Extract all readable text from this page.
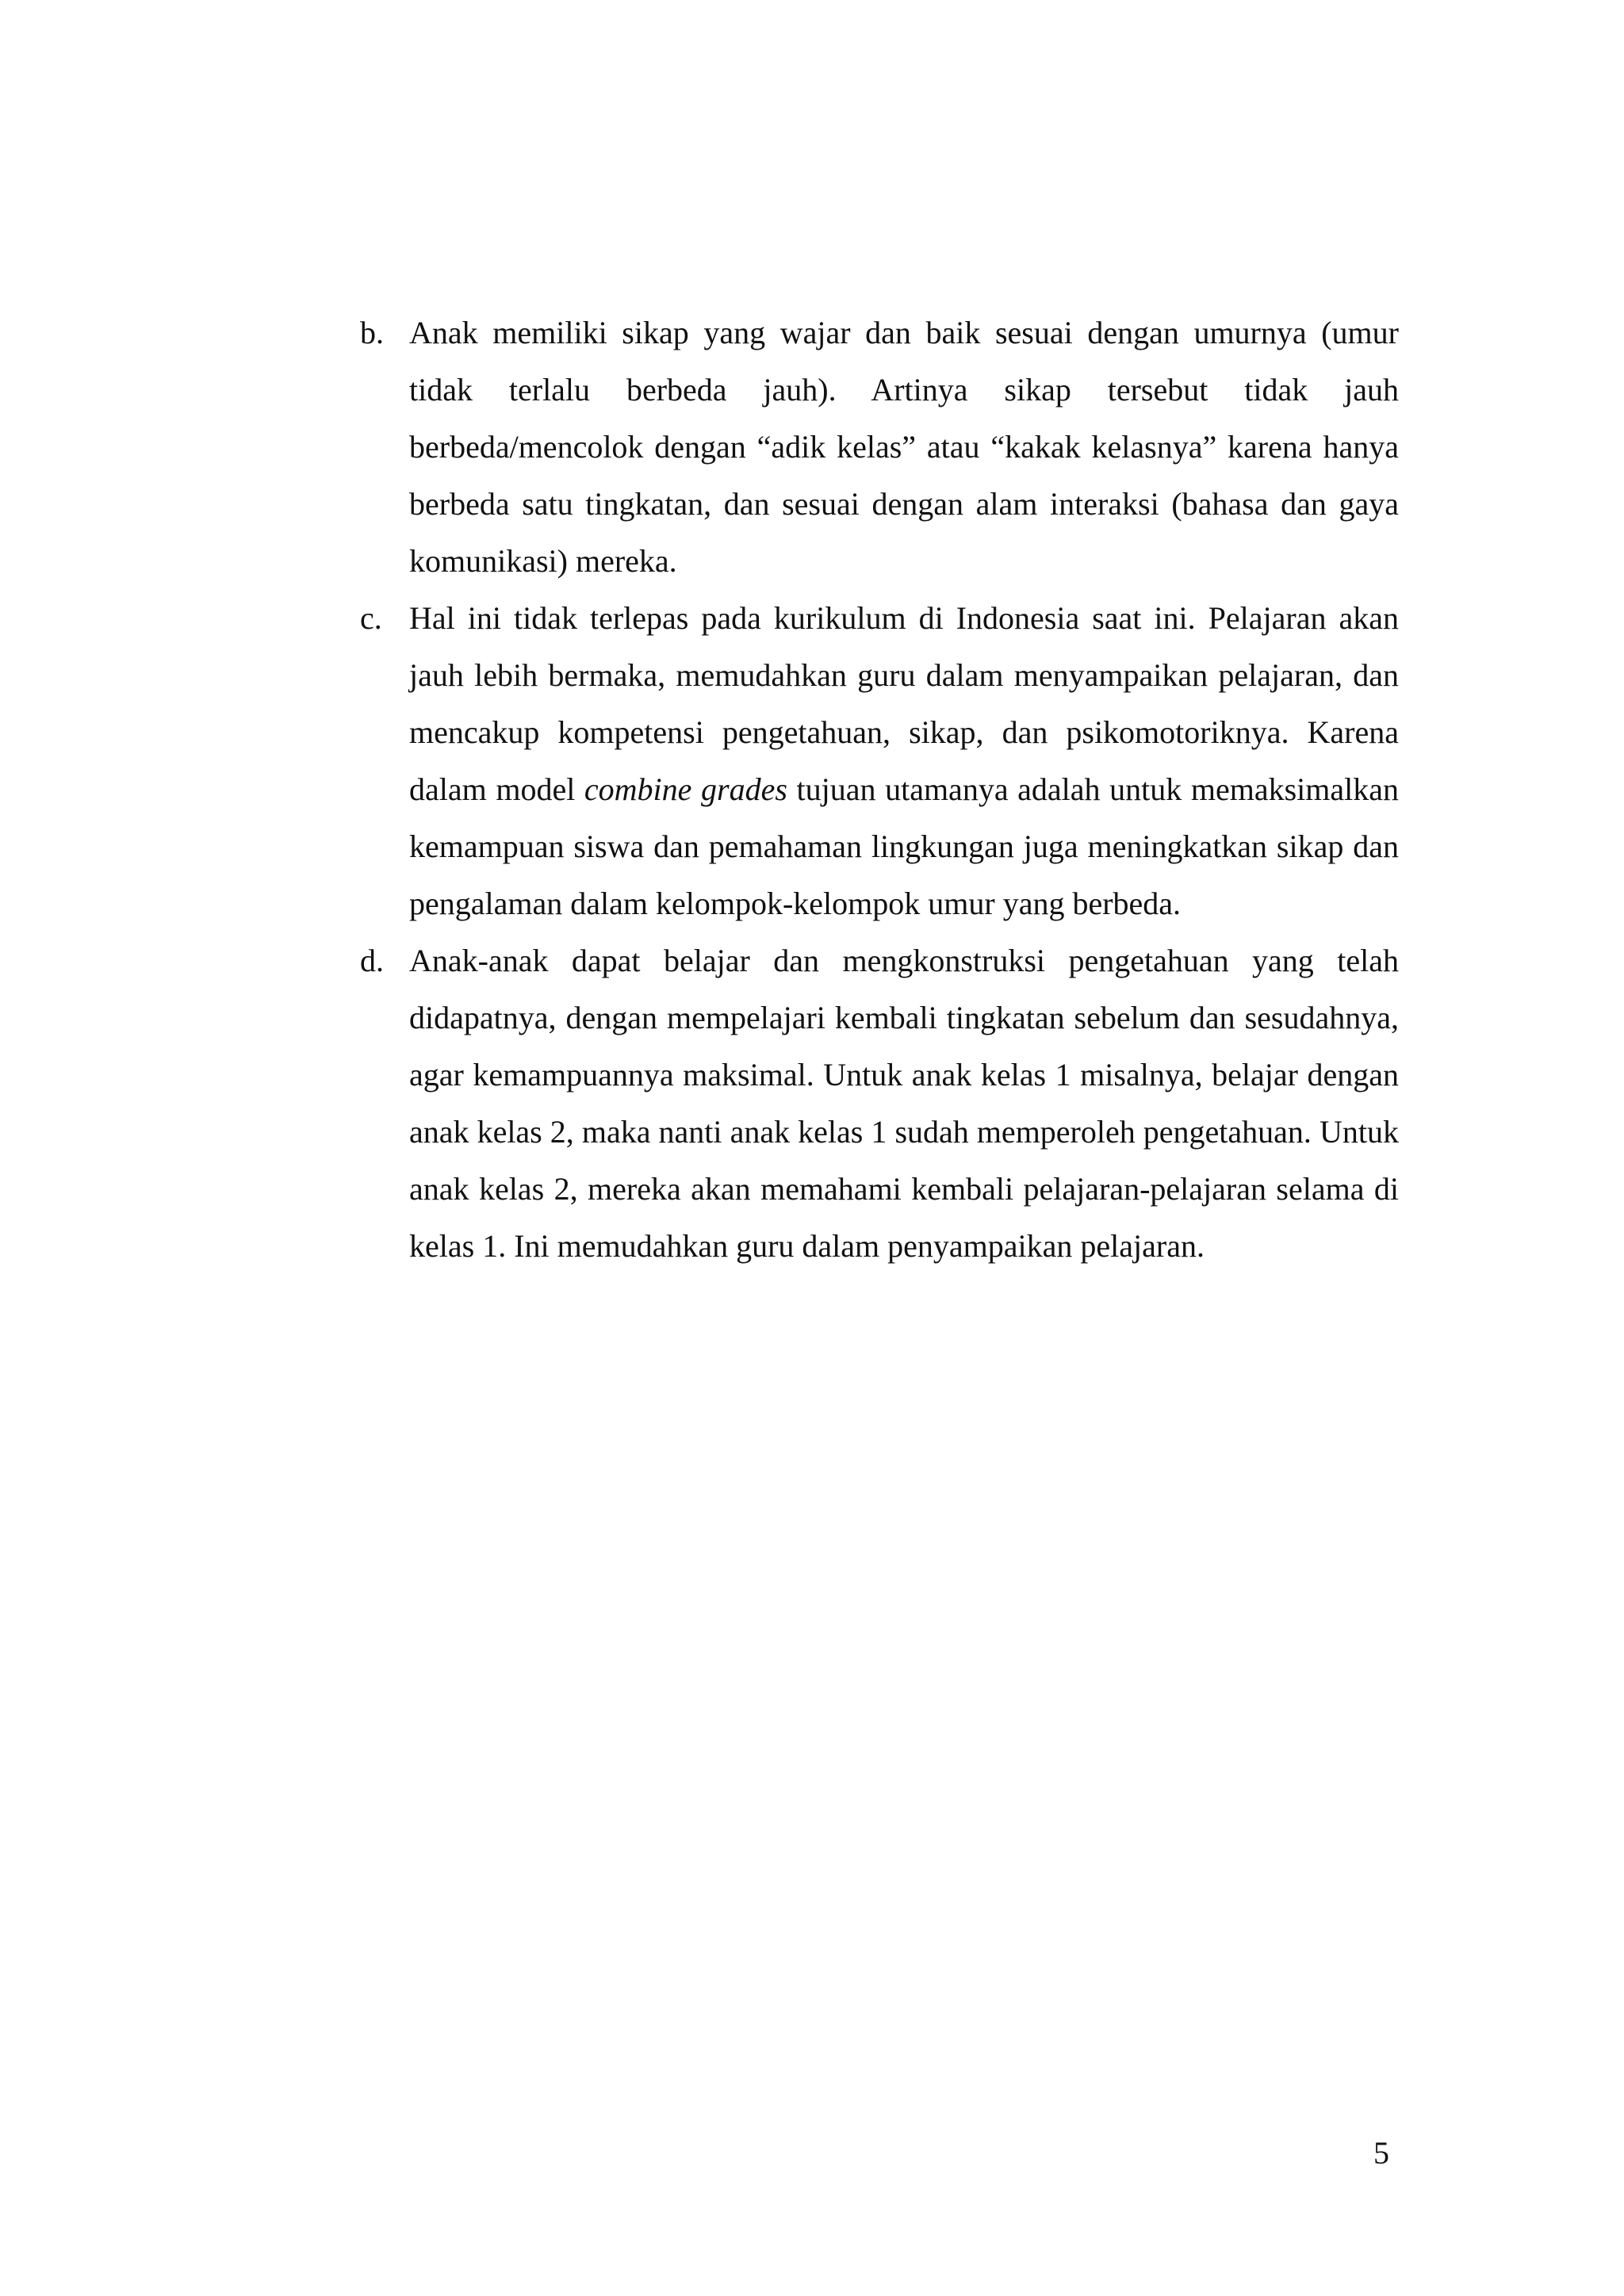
b. Anak memiliki sikap yang wajar dan baik sesuai dengan umurnya (umur tidak terlalu berbeda jauh). Artinya sikap tersebut tidak jauh berbeda/mencolok dengan “adik kelas” atau “kakak kelasnya” karena hanya berbeda satu tingkatan, dan sesuai dengan alam interaksi (bahasa dan gaya komunikasi) mereka.
c. Hal ini tidak terlepas pada kurikulum di Indonesia saat ini. Pelajaran akan jauh lebih bermaka, memudahkan guru dalam menyampaikan pelajaran, dan mencakup kompetensi pengetahuan, sikap, dan psikomotoriknya. Karena dalam model combine grades tujuan utamanya adalah untuk memaksimalkan kemampuan siswa dan pemahaman lingkungan juga meningkatkan sikap dan pengalaman dalam kelompok-kelompok umur yang berbeda.
d. Anak-anak dapat belajar dan mengkonstruksi pengetahuan yang telah didapatnya, dengan mempelajari kembali tingkatan sebelum dan sesudahnya, agar kemampuannya maksimal. Untuk anak kelas 1 misalnya, belajar dengan anak kelas 2, maka nanti anak kelas 1 sudah memperoleh pengetahuan. Untuk anak kelas 2, mereka akan memahami kembali pelajaran-pelajaran selama di kelas 1. Ini memudahkan guru dalam penyampaikan pelajaran.
5
